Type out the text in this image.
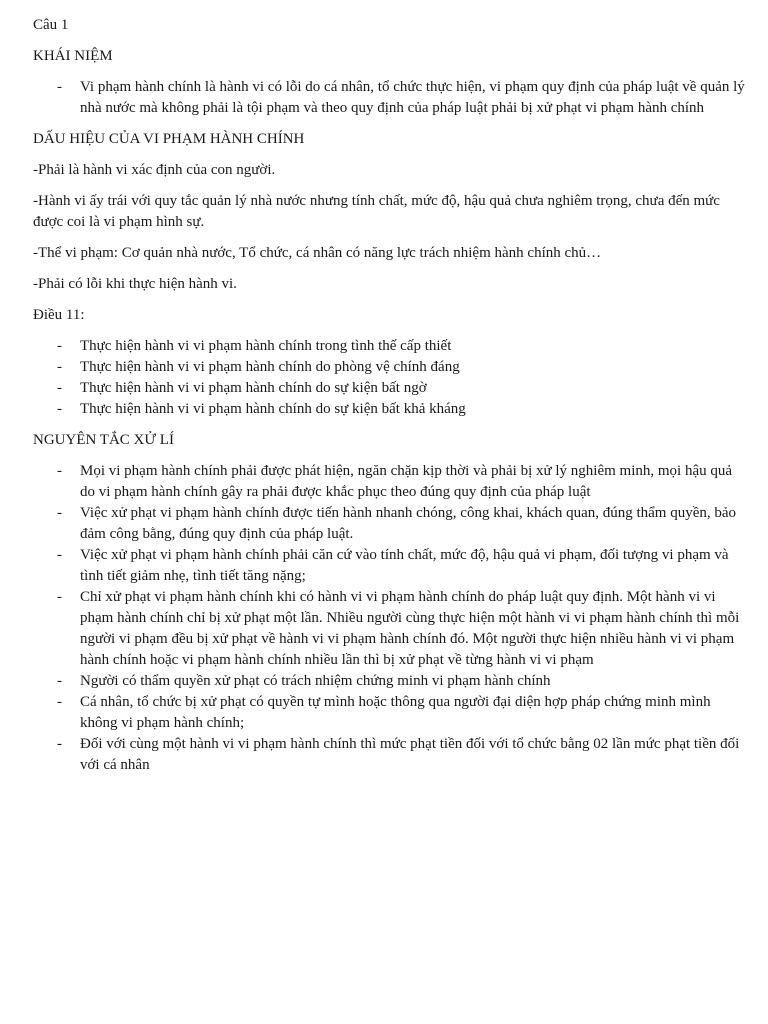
Câu 1

KHÁI NIỆM

- Vi phạm hành chính là hành vi có lỗi do cá nhân, tổ chức thực hiện, vi phạm quy định của pháp luật về quản lý nhà nước mà không phải là tội phạm và theo quy định của pháp luật phải bị xử phạt vi phạm hành chính

DẤU HIỆU CỦA VI PHẠM HÀNH CHÍNH

-Phải là hành vi xác định của con người.

-Hành vi ấy trái với quy tắc quản lý nhà nước nhưng tính chất, mức độ, hậu quả chưa nghiêm trọng, chưa đến mức được coi là vi phạm hình sự.

-Thể vi phạm: Cơ quản nhà nước, Tổ chức, cá nhân có năng lực trách nhiệm hành chính chủ…

-Phải có lỗi khi thực hiện hành vi.

Điều 11:

- Thực hiện hành vi vi phạm hành chính trong tình thế cấp thiết
- Thực hiện hành vi vi phạm hành chính do phòng vệ chính đáng
- Thực hiện hành vi vi phạm hành chính do sự kiện bất ngờ
- Thực hiện hành vi vi phạm hành chính do sự kiện bất khả kháng

NGUYÊN TẮC XỬ LÍ

- Mọi vi phạm hành chính phải được phát hiện, ngăn chặn kịp thời và phải bị xử lý nghiêm minh, mọi hậu quả do vi phạm hành chính gây ra phải được khắc phục theo đúng quy định của pháp luật
- Việc xử phạt vi phạm hành chính được tiến hành nhanh chóng, công khai, khách quan, đúng thẩm quyền, bảo đảm công bằng, đúng quy định của pháp luật.
- Việc xử phạt vi phạm hành chính phải căn cứ vào tính chất, mức độ, hậu quả vi phạm, đối tượng vi phạm và tình tiết giảm nhẹ, tình tiết tăng nặng;
- Chỉ xử phạt vi phạm hành chính khi có hành vi vi phạm hành chính do pháp luật quy định. Một hành vi vi phạm hành chính chỉ bị xử phạt một lần. Nhiều người cùng thực hiện một hành vi vi phạm hành chính thì mỗi người vi phạm đều bị xử phạt về hành vi vi phạm hành chính đó. Một người thực hiện nhiều hành vi vi phạm hành chính hoặc vi phạm hành chính nhiều lần thì bị xử phạt về từng hành vi vi phạm
- Người có thẩm quyền xử phạt có trách nhiệm chứng minh vi phạm hành chính
- Cá nhân, tổ chức bị xử phạt có quyền tự mình hoặc thông qua người đại diện hợp pháp chứng minh mình không vi phạm hành chính;
- Đối với cùng một hành vi vi phạm hành chính thì mức phạt tiền đối với tổ chức bằng 02 lần mức phạt tiền đối với cá nhân
